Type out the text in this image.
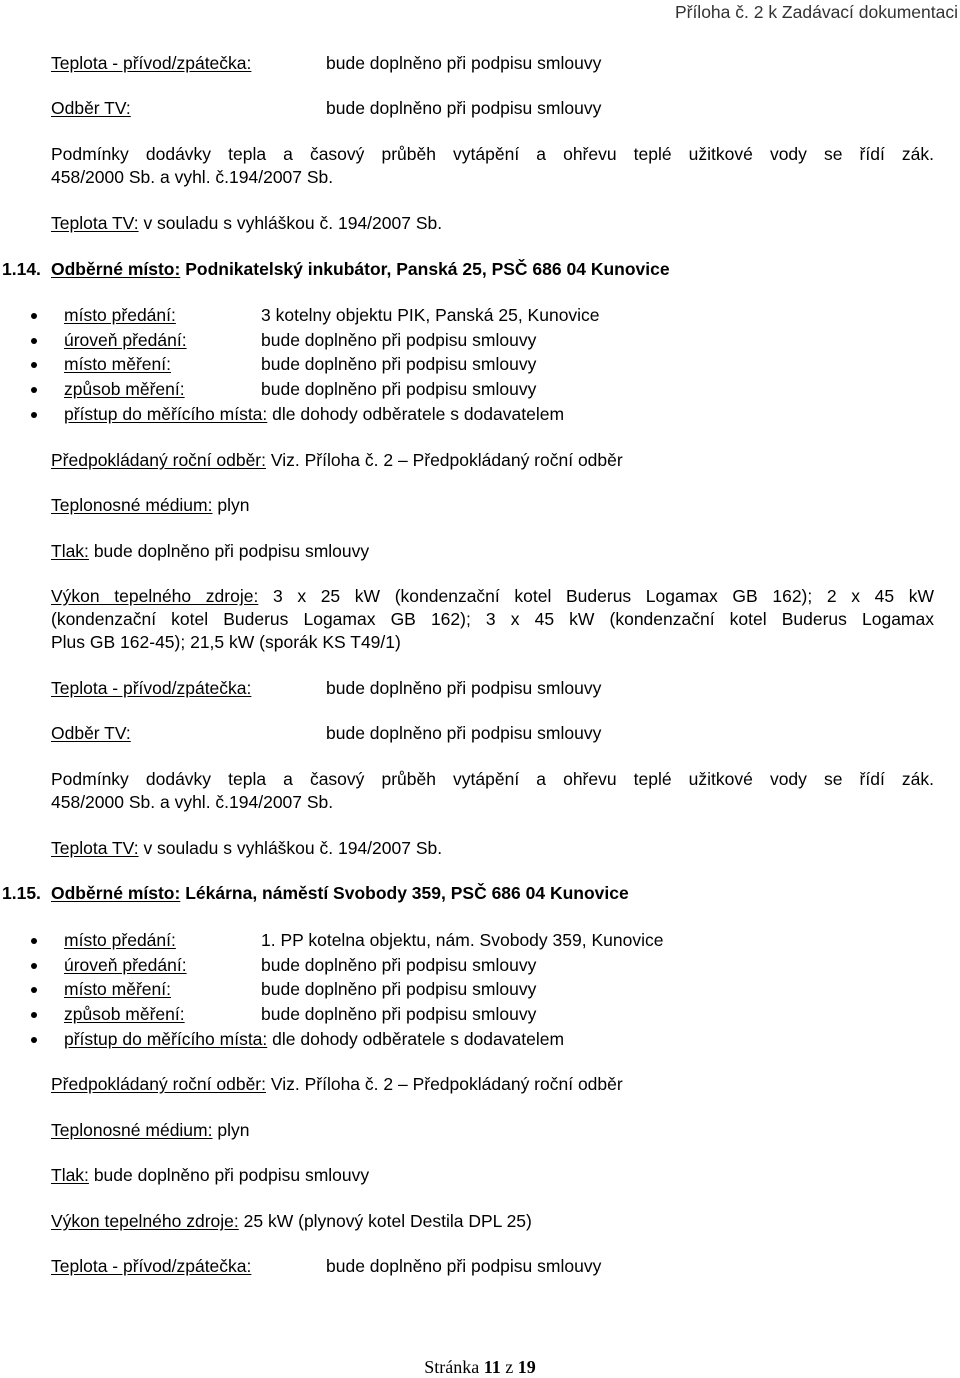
Příloha č. 2 k Zadávací dokumentaci
Teplota - přívod/zpátečka:	bude doplněno při podpisu smlouvy
Odběr TV:	bude doplněno při podpisu smlouvy
Podmínky dodávky tepla a časový průběh vytápění a ohřevu teplé užitkové vody se řídí zák.
458/2000 Sb. a vyhl. č.194/2007 Sb.
Teplota TV: v souladu s vyhláškou č. 194/2007 Sb.
1.14. Odběrné místo: Podnikatelský inkubátor, Panská 25, PSČ 686 04 Kunovice
místo předání:	3 kotelny objektu PIK, Panská 25, Kunovice
úroveň předání:	bude doplněno při podpisu smlouvy
místo měření:	bude doplněno při podpisu smlouvy
způsob měření:	bude doplněno při podpisu smlouvy
přístup do měřícího místa: dle dohody odběratele s dodavatelem
Předpokládaný roční odběr: Viz. Příloha č. 2 – Předpokládaný roční odběr
Teplonosné médium: plyn
Tlak: bude doplněno při podpisu smlouvy
Výkon tepelného zdroje: 3 x 25 kW (kondenzační kotel Buderus Logamax GB 162); 2 x 45 kW
(kondenzační kotel Buderus Logamax GB 162); 3 x 45 kW (kondenzační kotel Buderus Logamax
Plus GB 162-45); 21,5 kW (sporák KS T49/1)
Teplota - přívod/zpátečka:	bude doplněno při podpisu smlouvy
Odběr TV:	bude doplněno při podpisu smlouvy
Podmínky dodávky tepla a časový průběh vytápění a ohřevu teplé užitkové vody se řídí zák.
458/2000 Sb. a vyhl. č.194/2007 Sb.
Teplota TV: v souladu s vyhláškou č. 194/2007 Sb.
1.15. Odběrné místo: Lékárna, náměstí Svobody 359, PSČ 686 04 Kunovice
místo předání:	1. PP kotelna objektu, nám. Svobody 359, Kunovice
úroveň předání:	bude doplněno při podpisu smlouvy
místo měření:	bude doplněno při podpisu smlouvy
způsob měření:	bude doplněno při podpisu smlouvy
přístup do měřícího místa: dle dohody odběratele s dodavatelem
Předpokládaný roční odběr: Viz. Příloha č. 2 – Předpokládaný roční odběr
Teplonosné médium: plyn
Tlak: bude doplněno při podpisu smlouvy
Výkon tepelného zdroje: 25 kW (plynový kotel Destila DPL 25)
Teplota - přívod/zpátečka:	bude doplněno při podpisu smlouvy
Stránka 11 z 19
